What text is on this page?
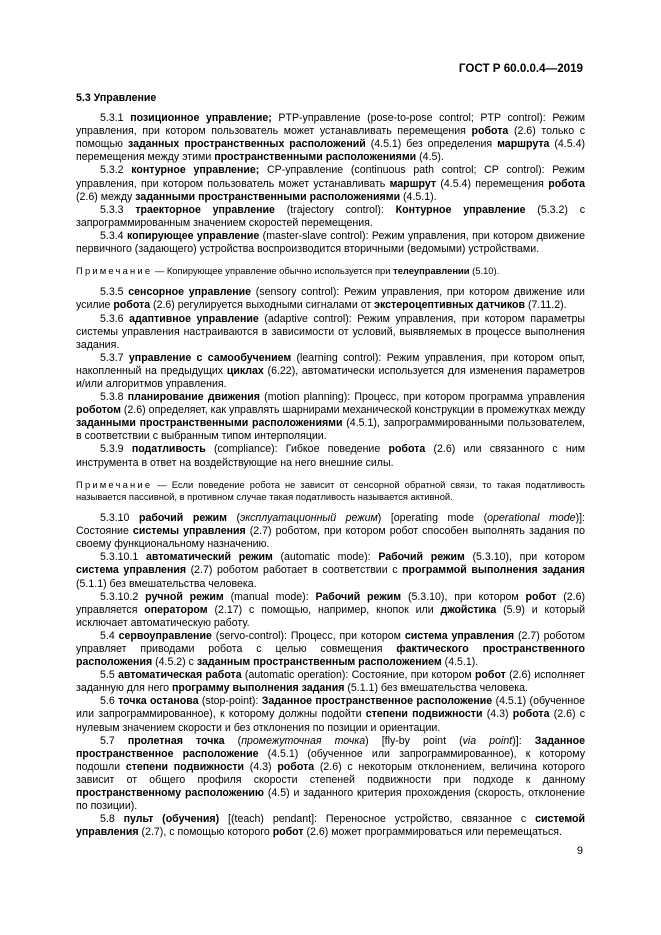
ГОСТ Р 60.0.0.4—2019
5.3 Управление

5.3.1 позиционное управление; PTP-управление (pose-to-pose control; PTP control): Режим управления, при котором пользователь может устанавливать перемещения робота (2.6) только с помощью заданных пространственных расположений (4.5.1) без определения маршрута (4.5.4) перемещения между этими пространственными расположениями (4.5).

5.3.2 контурное управление; CP-управление (continuous path control; CP control): Режим управления, при котором пользователь может устанавливать маршрут (4.5.4) перемещения робота (2.6) между заданными пространственными расположениями (4.5.1).

5.3.3 траекторное управление (trajectory control): Контурное управление (5.3.2) с запрограммированным значением скоростей перемещения.

5.3.4 копирующее управление (master-slave control): Режим управления, при котором движение первичного (задающего) устройства воспроизводится вторичными (ведомыми) устройствами.

Примечание — Копирующее управление обычно используется при телеуправлении (5.10).

5.3.5 сенсорное управление (sensory control): Режим управления, при котором движение или усилие робота (2.6) регулируется выходными сигналами от экстероцептивных датчиков (7.11.2).

5.3.6 адаптивное управление (adaptive control): Режим управления, при котором параметры системы управления настраиваются в зависимости от условий, выявляемых в процессе выполнения задания.

5.3.7 управление с самообучением (learning control): Режим управления, при котором опыт, накопленный на предыдущих циклах (6.22), автоматически используется для изменения параметров и/или алгоритмов управления.

5.3.8 планирование движения (motion planning): Процесс, при котором программа управления роботом (2.6) определяет, как управлять шарнирами механической конструкции в промежутках между заданными пространственными расположениями (4.5.1), запрограммированными пользователем, в соответствии с выбранным типом интерполяции.

5.3.9 податливость (compliance): Гибкое поведение робота (2.6) или связанного с ним инструмента в ответ на воздействующие на него внешние силы.

Примечание — Если поведение робота не зависит от сенсорной обратной связи, то такая податливость называется пассивной, в противном случае такая податливость называется активной.

5.3.10 рабочий режим (эксплуатационный режим) [operating mode (operational mode)]: Состояние системы управления (2.7) роботом, при котором робот способен выполнять задания по своему функциональному назначению.

5.3.10.1 автоматический режим (automatic mode): Рабочий режим (5.3.10), при котором система управления (2.7) роботом работает в соответствии с программой выполнения задания (5.1.1) без вмешательства человека.

5.3.10.2 ручной режим (manual mode): Рабочий режим (5.3.10), при котором робот (2.6) управляется оператором (2.17) с помощью, например, кнопок или джойстика (5.9) и который исключает автоматическую работу.

5.4 сервоуправление (servo-control): Процесс, при котором система управления (2.7) роботом управляет приводами робота с целью совмещения фактического пространственного расположения (4.5.2) с заданным пространственным расположением (4.5.1).

5.5 автоматическая работа (automatic operation): Состояние, при котором робот (2.6) исполняет заданную для него программу выполнения задания (5.1.1) без вмешательства человека.

5.6 точка останова (stop-point): Заданное пространственное расположение (4.5.1) (обученное или запрограммированное), к которому должны подойти степени подвижности (4.3) робота (2.6) с нулевым значением скорости и без отклонения по позиции и ориентации.

5.7 пролетная точка (промежуточная точка) [fly-by point (via point)]: Заданное пространственное расположение (4.5.1) (обученное или запрограммированное), к которому подошли степени подвижности (4.3) робота (2.6) с некоторым отклонением, величина которого зависит от общего профиля скорости степеней подвижности при подходе к данному пространственному расположению (4.5) и заданного критерия прохождения (скорость, отклонение по позиции).

5.8 пульт (обучения) [(teach) pendant]: Переносное устройство, связанное с системой управления (2.7), с помощью которого робот (2.6) может программироваться или перемещаться.

9
